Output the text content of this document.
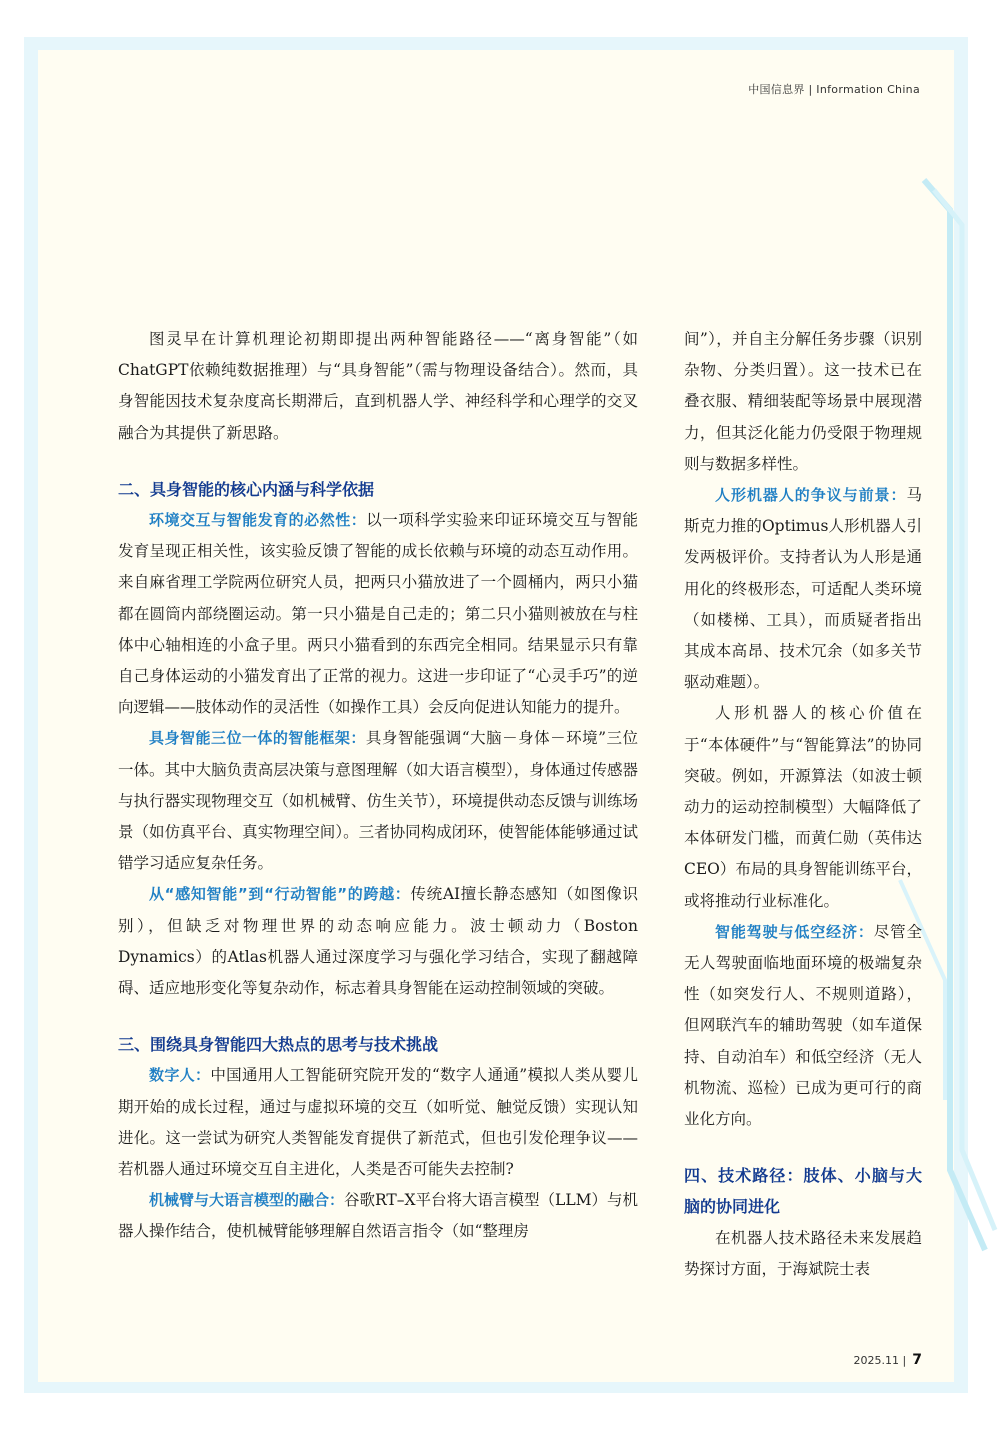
中国信息界 | Information China

图灵早在计算机理论初期即提出两种智能路径——“离身智能”（如ChatGPT依赖纯数据推理）与“具身智能”（需与物理设备结合）。然而，具身智能因技术复杂度高长期滞后，直到机器人学、神经科学和心理学的交叉融合为其提供了新思路。

二、具身智能的核心内涵与科学依据

环境交互与智能发育的必然性：以一项科学实验来印证环境交互与智能发育呈现正相关性，该实验反馈了智能的成长依赖与环境的动态互动作用。 来自麻省理工学院两位研究人员，把两只小猫放进了一个圆桶内，两只小猫都在圆筒内部绕圈运动。第一只小猫是自己走的；第二只小猫则被放在与柱体中心轴相连的小盒子里。两只小猫看到的东西完全相同。结果显示只有靠自己身体运动的小猫发育出了正常的视力。这进一步印证了“心灵手巧”的逆向逻辑——肢体动作的灵活性（如操作工具）会反向促进认知能力的提升。

具身智能三位一体的智能框架：具身智能强调“大脑－身体－环境”三位一体。其中大脑负责高层决策与意图理解（如大语言模型），身体通过传感器与执行器实现物理交互（如机械臂、仿生关节），环境提供动态反馈与训练场景（如仿真平台、真实物理空间）。三者协同构成闭环，使智能体能够通过试错学习适应复杂任务。

从“感知智能”到“行动智能”的跨越：传统AI擅长静态感知（如图像识别），但缺乏对物理世界的动态响应能力。波士顿动力（Boston Dynamics）的Atlas机器人通过深度学习与强化学习结合，实现了翻越障碍、适应地形变化等复杂动作，标志着具身智能在运动控制领域的突破。

三、围绕具身智能四大热点的思考与技术挑战

数字人：中国通用人工智能研究院开发的“数字人通通”模拟人类从婴儿期开始的成长过程，通过与虚拟环境的交互（如听觉、触觉反馈）实现认知进化。这一尝试为研究人类智能发育提供了新范式，但也引发伦理争议——若机器人通过环境交互自主进化，人类是否可能失去控制?

机械臂与大语言模型的融合：谷歌RT–X平台将大语言模型（LLM）与机器人操作结合，使机械臂能够理解自然语言指令（如“整理房

间”），并自主分解任务步骤（识别杂物、分类归置）。这一技术已在叠衣服、精细装配等场景中展现潜力，但其泛化能力仍受限于物理规则与数据多样性。

人形机器人的争议与前景：马斯克力推的Optimus人形机器人引发两极评价。支持者认为人形是通用化的终极形态，可适配人类环境（如楼梯、工具），而质疑者指出其成本高昂、技术冗余（如多关节驱动难题）。

人形机器人的核心价值在于“本体硬件”与“智能算法”的协同突破。例如，开源算法（如波士顿动力的运动控制模型）大幅降低了本体研发门槛，而黄仁勋（英伟达CEO）布局的具身智能训练平台，或将推动行业标准化。

智能驾驶与低空经济：尽管全无人驾驶面临地面环境的极端复杂性（如突发行人、不规则道路），但网联汽车的辅助驾驶（如车道保持、自动泊车）和低空经济（无人机物流、巡检）已成为更可行的商业化方向。

四、技术路径：肢体、小脑与大脑的协同进化

在机器人技术路径未来发展趋势探讨方面，于海斌院士表

2025.11 | 7
